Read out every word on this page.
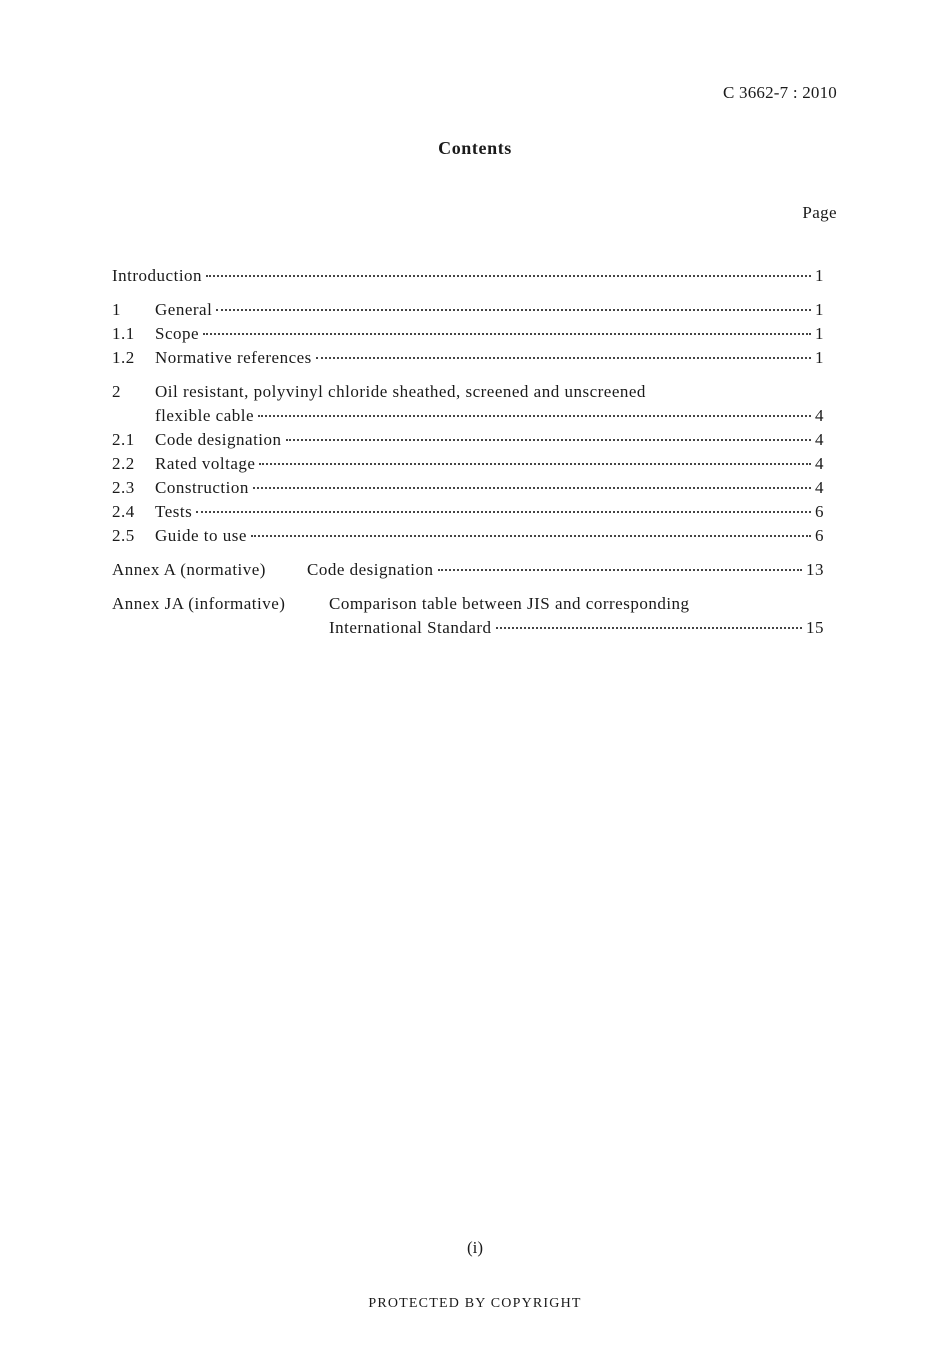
C 3662-7 : 2010
Contents
Page
Introduction	1
1	General	1
1.1	Scope	1
1.2	Normative references	1
2	Oil resistant, polyvinyl chloride sheathed, screened and unscreened
flexible cable	4
2.1	Code designation	4
2.2	Rated voltage	4
2.3	Construction	4
2.4	Tests	6
2.5	Guide to use	6
Annex A (normative)	Code designation	13
Annex JA (informative)	Comparison table between JIS and corresponding
International Standard	15
(i)
PROTECTED BY COPYRIGHT
